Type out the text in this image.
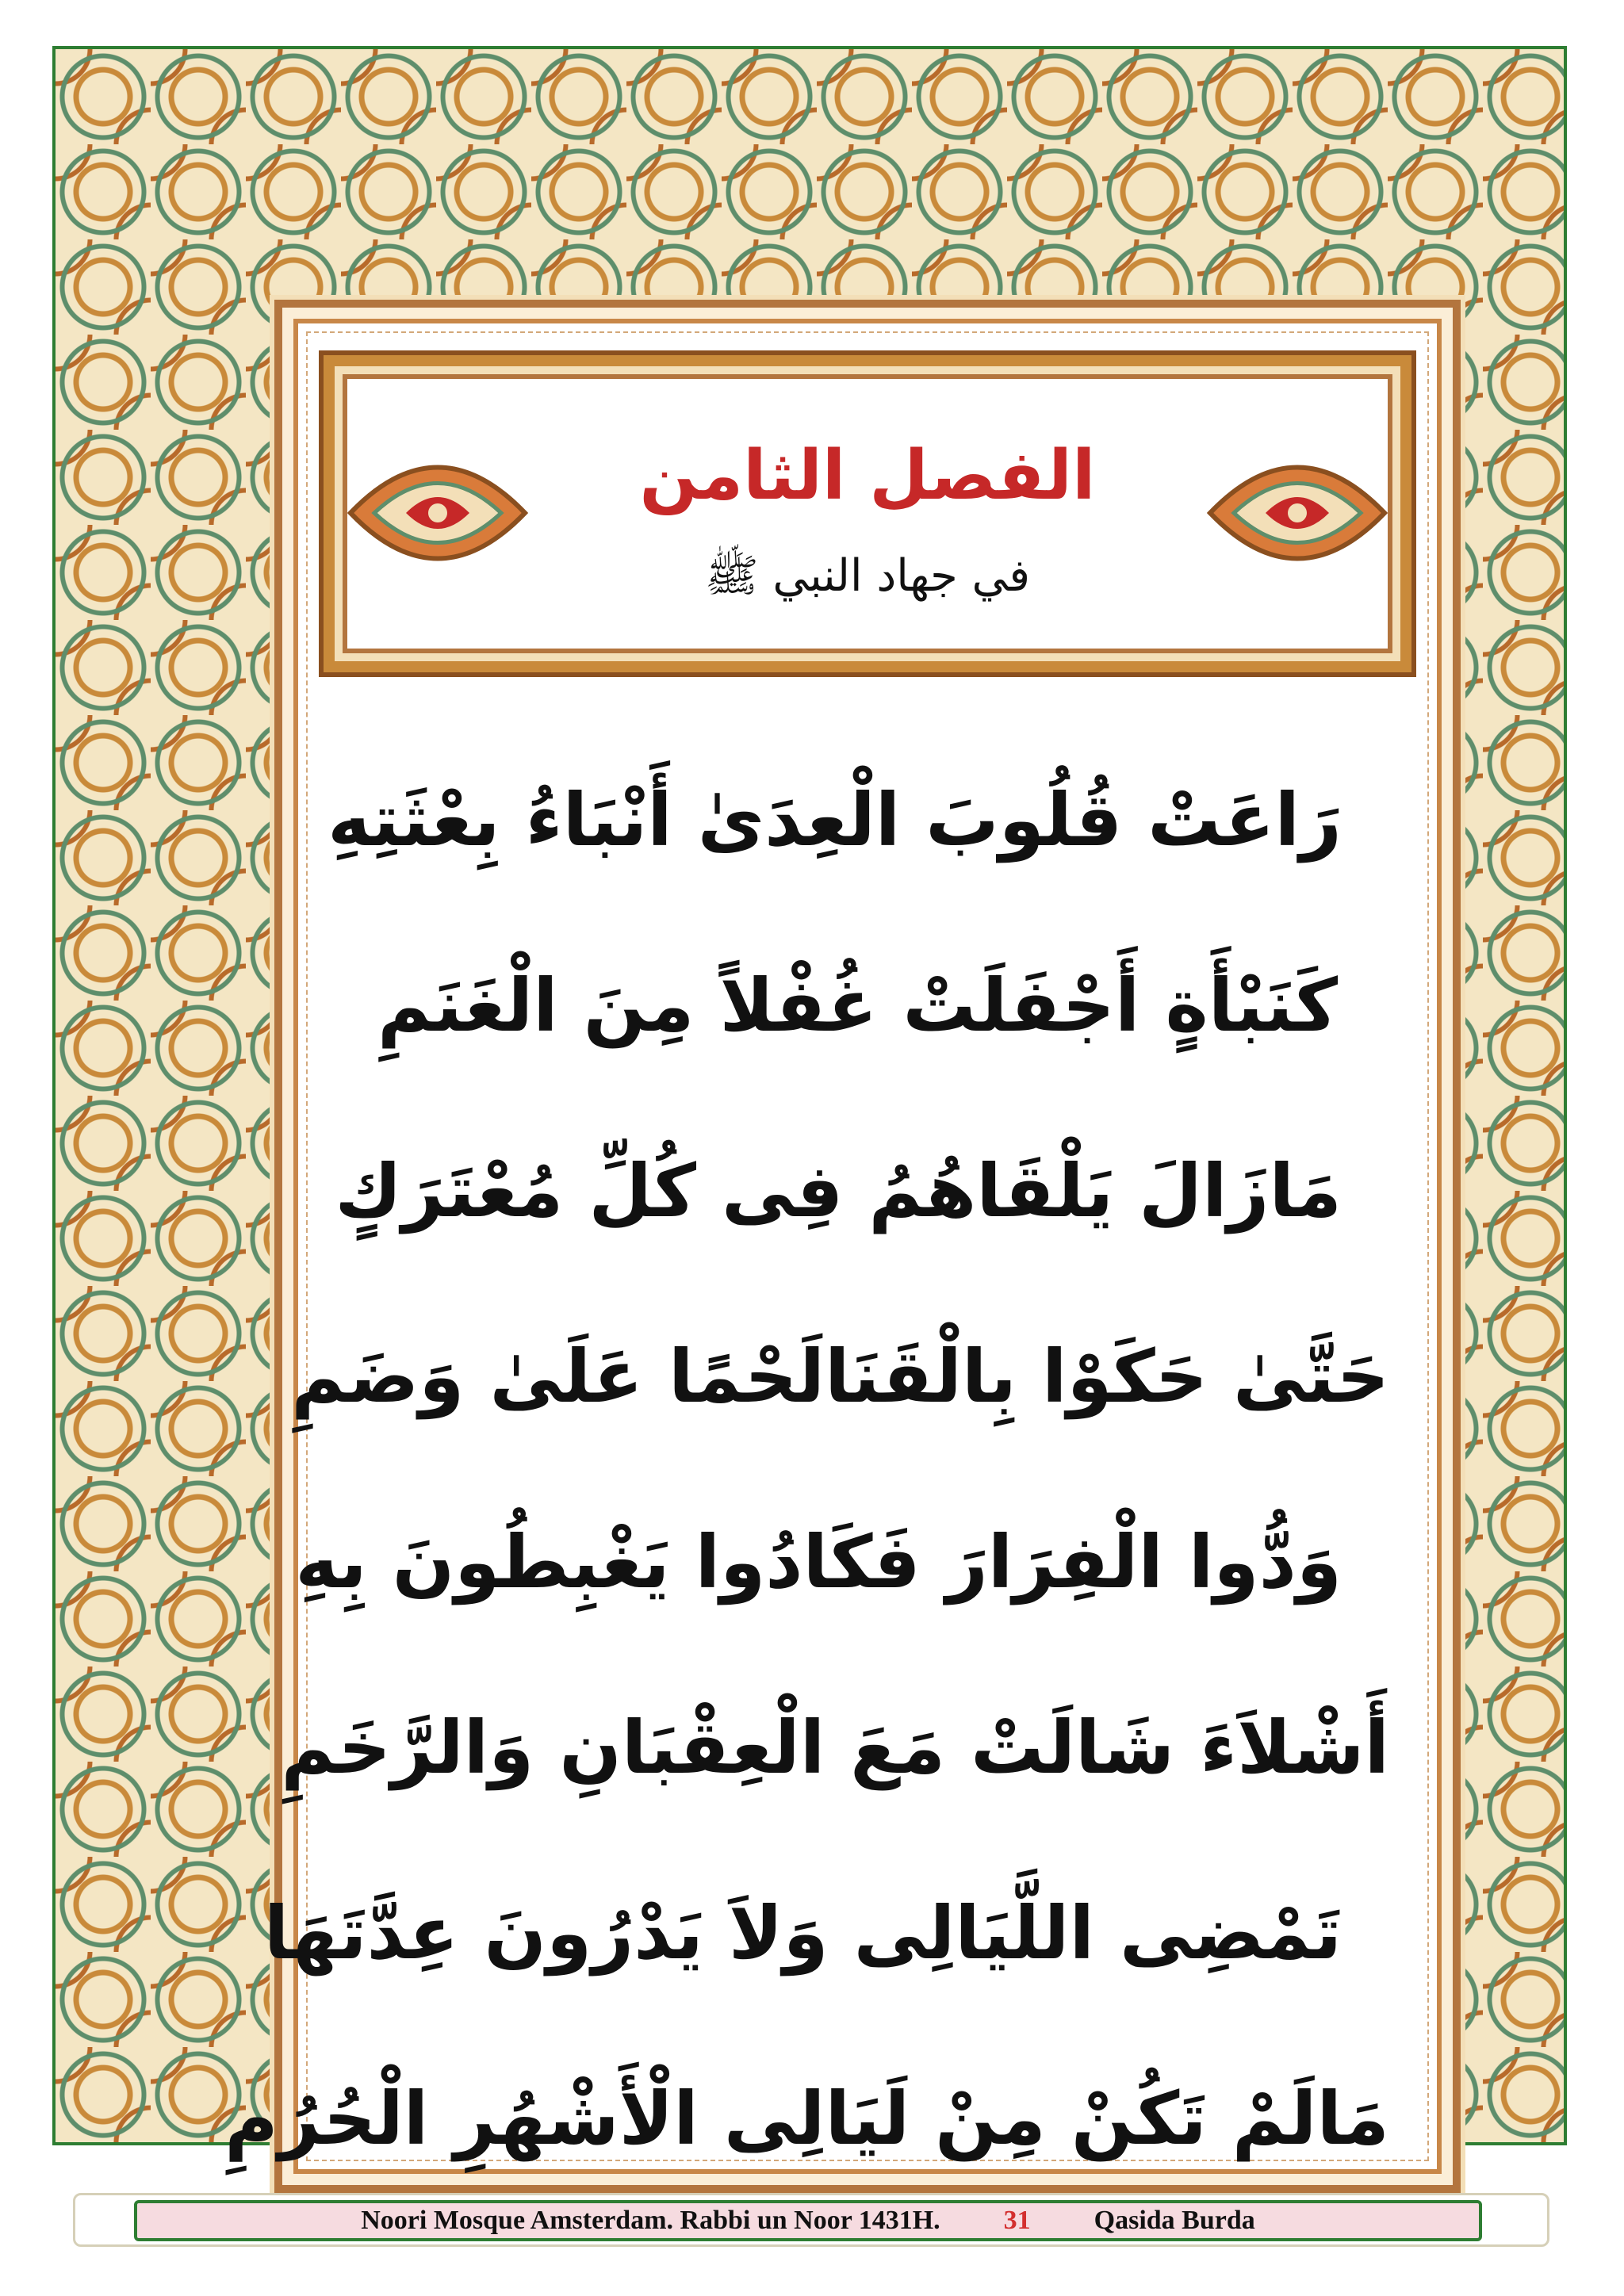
الفصل الثامن
في جهاد النبي ﷺ
رَاعَتْ قُلُوبَ الْعِدَىٰ أَنْبَاءُ بِعْثَتِهِ
كَنَبْأَةٍ أَجْفَلَتْ غُفْلاً مِنَ الْغَنَمِ
مَازَالَ يَلْقَاهُمُ فِى كُلِّ مُعْتَرَكٍ
حَتَّىٰ حَكَوْا بِالْقَنَالَحْمًا عَلَىٰ وَضَمِ
وَدُّوا الْفِرَارَ فَكَادُوا يَغْبِطُونَ بِهِ
أَشْلاَءَ شَالَتْ مَعَ الْعِقْبَانِ وَالرَّخَمِ
تَمْضِى اللَّيَالِى وَلاَ يَدْرُونَ عِدَّتَهَا
مَالَمْ تَكُنْ مِنْ لَيَالِى الْأَشْهُرِ الْحُرُمِ
Noori Mosque Amsterdam. Rabbi un Noor 1431H. 31 Qasida Burda
